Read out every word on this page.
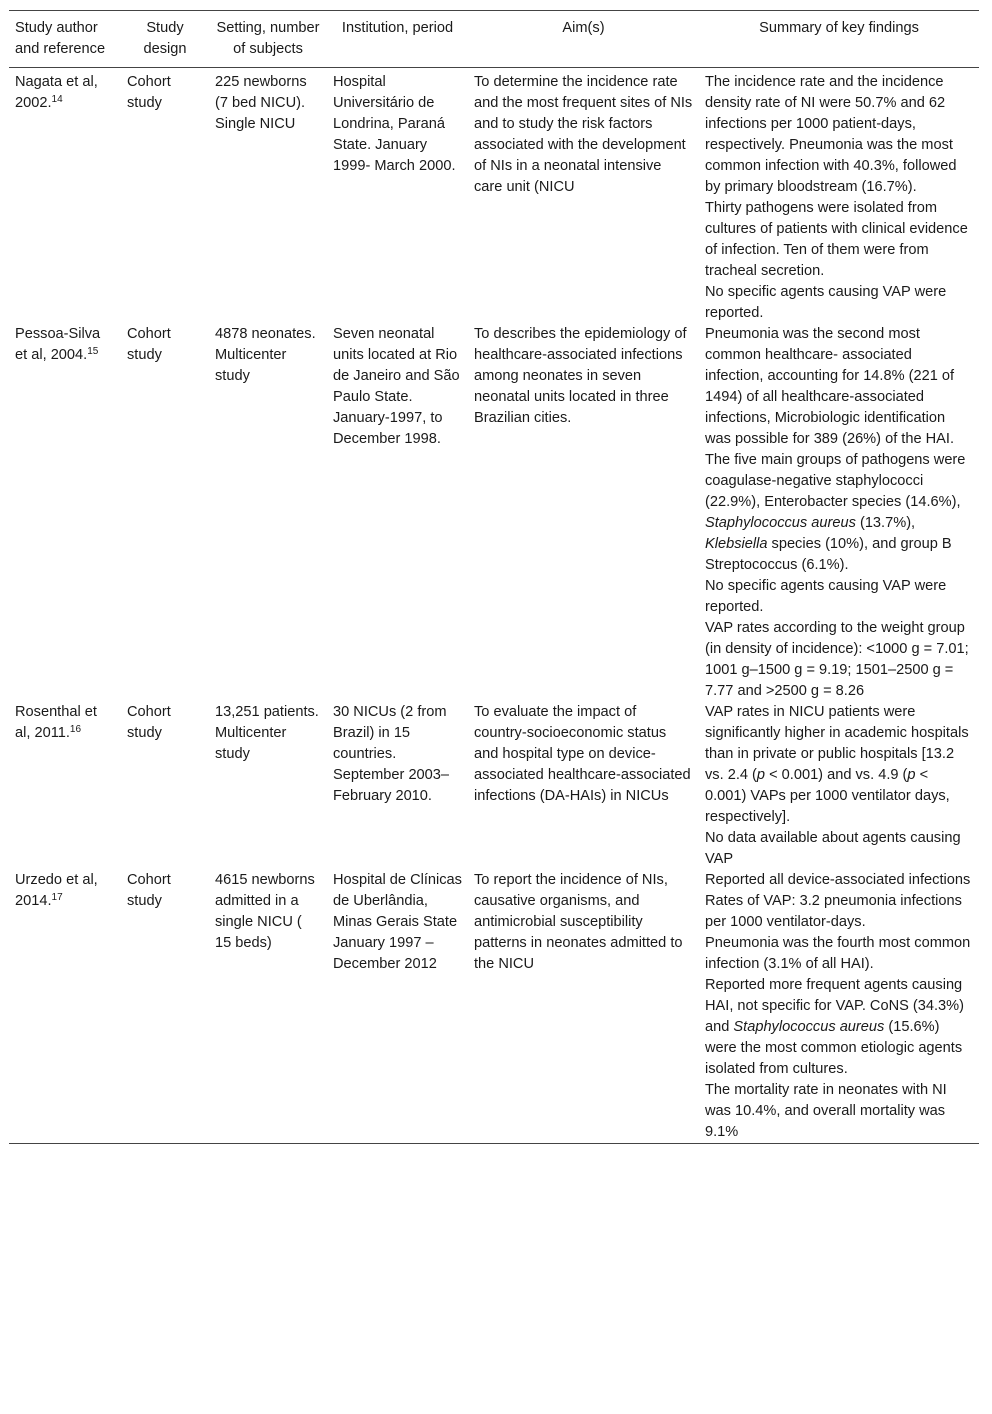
Study author and reference	Study design	Setting, number of subjects	Institution, period	Aim(s)	Summary of key findings
Nagata et al, 2002.14	Cohort study	225 newborns (7 bed NICU). Single NICU	Hospital Universitário de Londrina, Paraná State. January 1999- March 2000.	To determine the incidence rate and the most frequent sites of NIs and to study the risk factors associated with the development of NIs in a neonatal intensive care unit (NICU	The incidence rate and the incidence density rate of NI were 50.7% and 62 infections per 1000 patient-days, respectively. Pneumonia was the most common infection with 40.3%, followed by primary bloodstream (16.7%).
Thirty pathogens were isolated from cultures of patients with clinical evidence of infection. Ten of them were from tracheal secretion.
No specific agents causing VAP were reported.

Pessoa-Silva et al, 2004.15	Cohort study	4878 neonates. Multicenter study	Seven neonatal units located at Rio de Janeiro and São Paulo State. January-1997, to December 1998.	To describes the epidemiology of healthcare-associated infections among neonates in seven neonatal units located in three Brazilian cities.	Pneumonia was the second most common healthcare- associated infection, accounting for 14.8% (221 of 1494) of all healthcare-associated infections, Microbiologic identification was possible for 389 (26%) of the HAI. The five main groups of pathogens were coagulase-negative staphylococci (22.9%), Enterobacter species (14.6%), Staphylococcus aureus (13.7%), Klebsiella species (10%), and group B Streptococcus (6.1%).
No specific agents causing VAP were reported.
VAP rates according to the weight group (in density of incidence): <1000 g = 7.01; 1001 g–1500 g = 9.19; 1501–2500 g = 7.77 and >2500 g = 8.26

Rosenthal et al, 2011.16	Cohort study	13,251 patients. Multicenter study	30 NICUs (2 from Brazil) in 15 countries. September 2003–February 2010.	To evaluate the impact of country-socioeconomic status and hospital type on device-associated healthcare-associated infections (DA-HAIs) in NICUs	VAP rates in NICU patients were significantly higher in academic hospitals than in private or public hospitals [13.2 vs. 2.4 (p < 0.001) and vs. 4.9 (p < 0.001) VAPs per 1000 ventilator days, respectively].
No data available about agents causing VAP

Urzedo et al, 2014.17	Cohort study	4615 newborns admitted in a single NICU ( 15 beds)	Hospital de Clínicas de Uberlândia, Minas Gerais State January 1997 – December 2012	To report the incidence of NIs, causative organisms, and antimicrobial susceptibility patterns in neonates admitted to the NICU	Reported all device-associated infections
Rates of VAP: 3.2 pneumonia infections per 1000 ventilator-days.
Pneumonia was the fourth most common infection (3.1% of all HAI).
Reported more frequent agents causing HAI, not specific for VAP. CoNS (34.3%) and Staphylococcus aureus (15.6%) were the most common etiologic agents isolated from cultures.
The mortality rate in neonates with NI was 10.4%, and overall mortality was 9.1%
